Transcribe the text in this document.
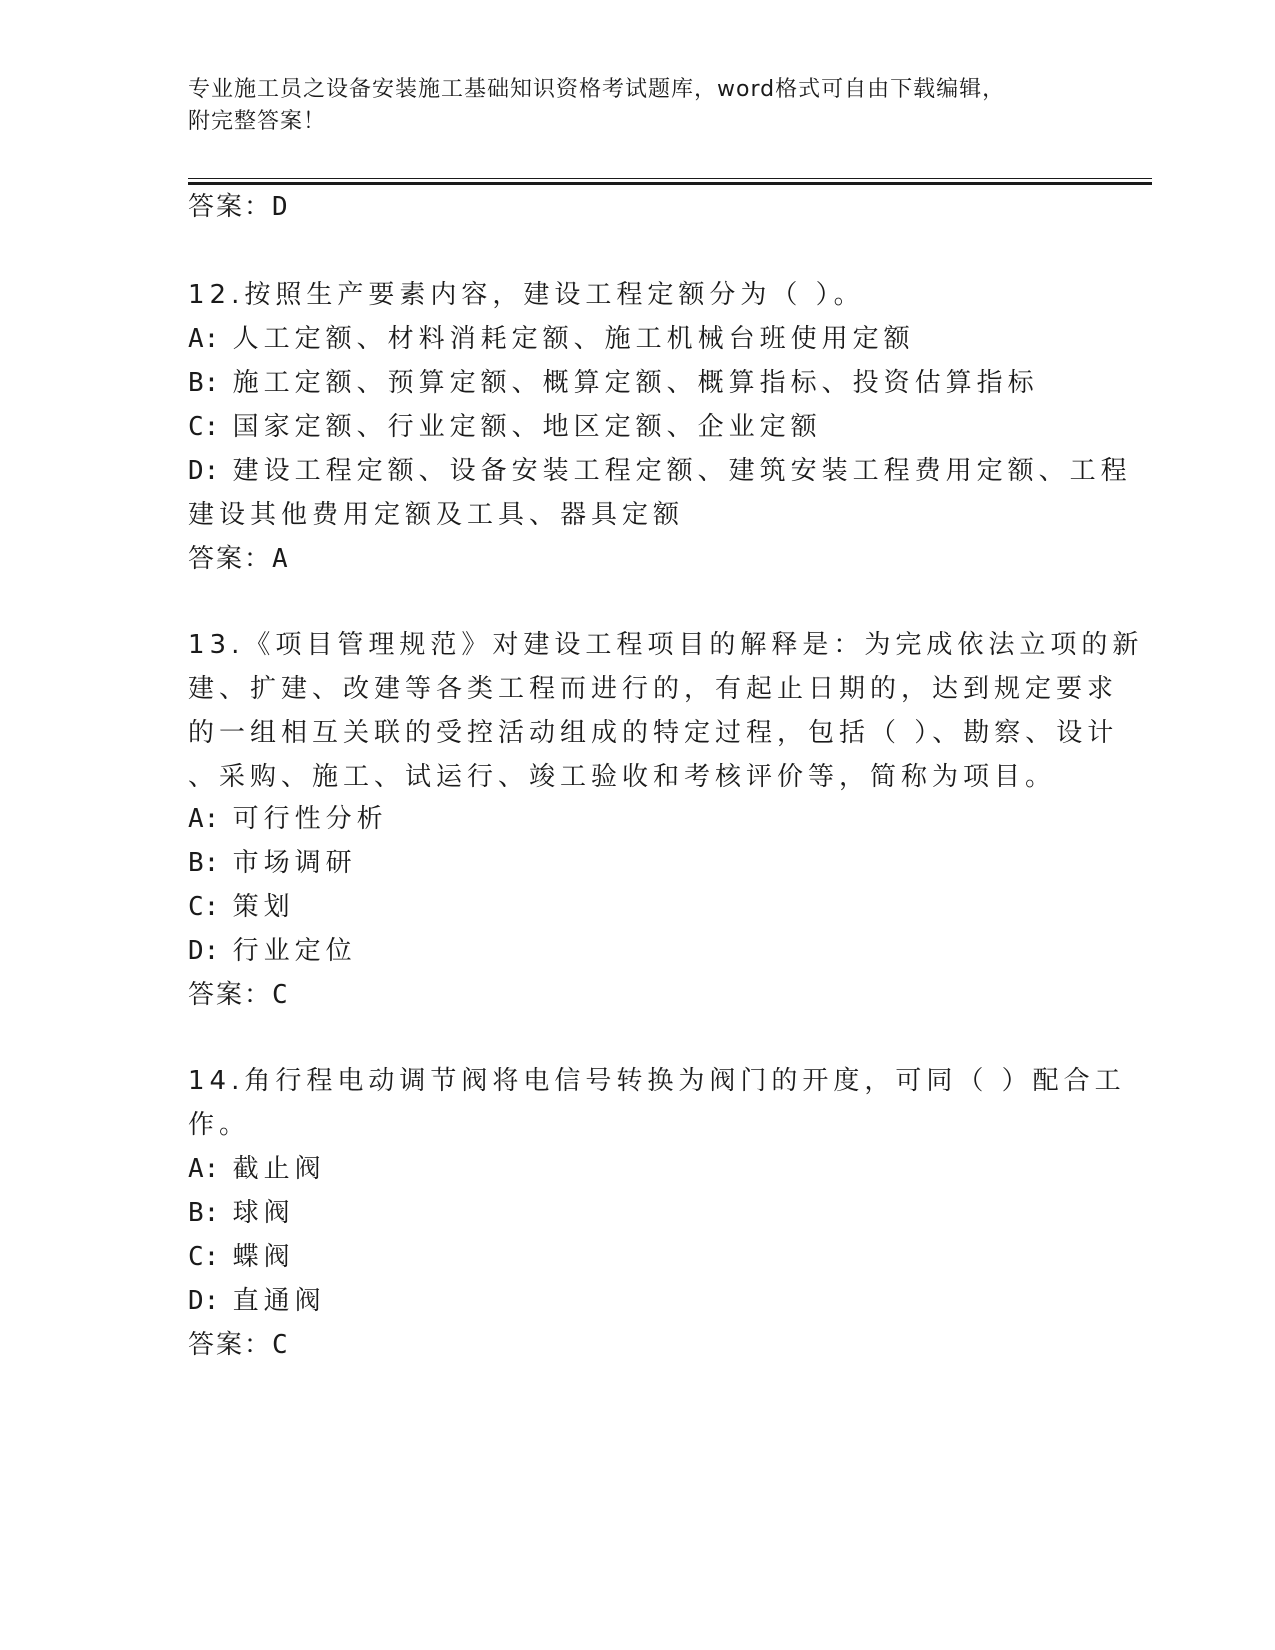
专业施工员之设备安装施工基础知识资格考试题库，word格式可自由下载编辑，
附完整答案！
答案：D
12.按照生产要素内容，建设工程定额分为（ ）。
A: 人工定额、材料消耗定额、施工机械台班使用定额
B: 施工定额、预算定额、概算定额、概算指标、投资估算指标
C: 国家定额、行业定额、地区定额、企业定额
D: 建设工程定额、设备安装工程定额、建筑安装工程费用定额、工程
建设其他费用定额及工具、器具定额
答案：A
13.《项目管理规范》对建设工程项目的解释是：为完成依法立项的新
建、扩建、改建等各类工程而进行的，有起止日期的，达到规定要求
的一组相互关联的受控活动组成的特定过程，包括（ ）、勘察、设计
、采购、施工、试运行、竣工验收和考核评价等，简称为项目。
A: 可行性分析
B: 市场调研
C: 策划
D: 行业定位
答案：C
14.角行程电动调节阀将电信号转换为阀门的开度，可同（ ）配合工
作。
A: 截止阀
B: 球阀
C: 蝶阀
D: 直通阀
答案：C
